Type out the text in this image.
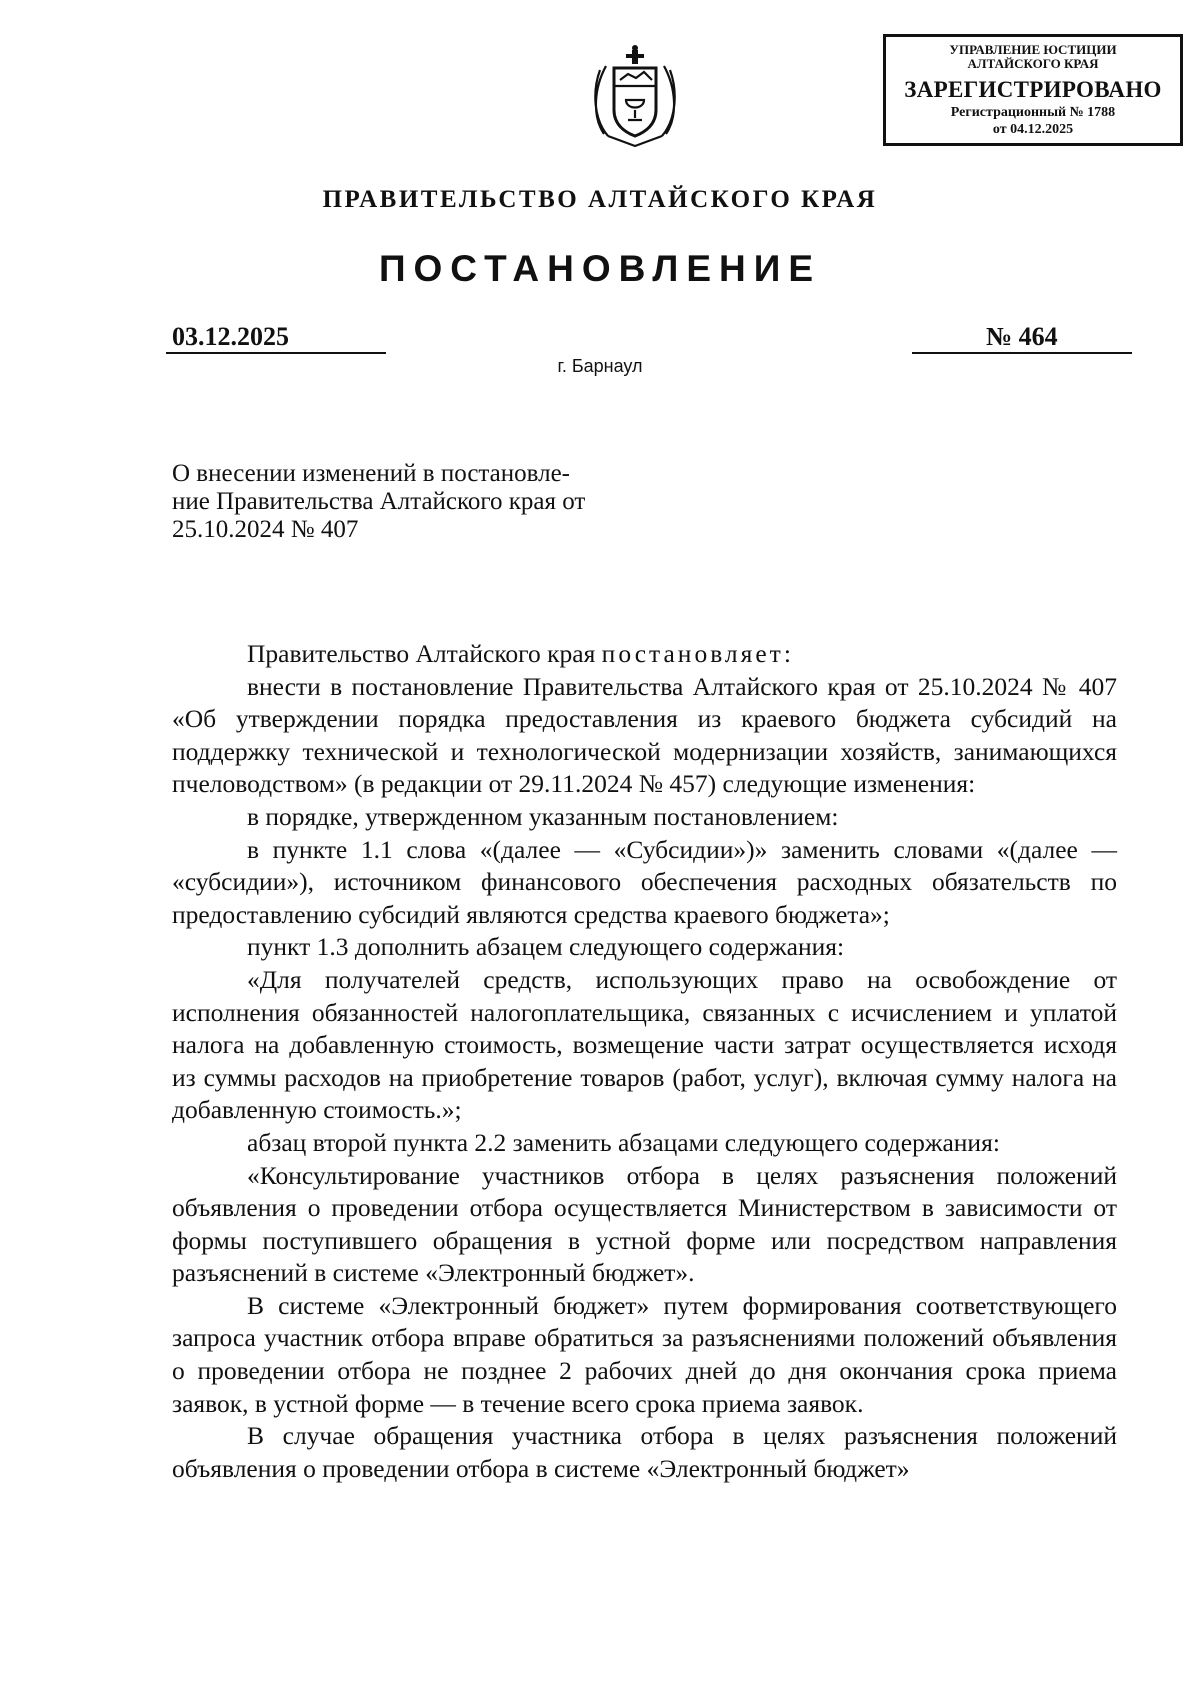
УПРАВЛЕНИЕ ЮСТИЦИИ
АЛТАЙСКОГО КРАЯ
ЗАРЕГИСТРИРОВАНО
Регистрационный № 1788
от 04.12.2025
ПРАВИТЕЛЬСТВО АЛТАЙСКОГО КРАЯ
ПОСТАНОВЛЕНИЕ
03.12.2025	№ 464
г. Барнаул
О внесении изменений в постановле-
ние Правительства Алтайского края от
25.10.2024 № 407

Правительство Алтайского края постановляет:

внести в постановление Правительства Алтайского края от 25.10.2024 № 407 «Об утверждении порядка предоставления из краевого бюджета субсидий на поддержку технической и технологической модернизации хозяйств, занимающихся пчеловодством» (в редакции от 29.11.2024 № 457) следующие изменения:

в порядке, утвержденном указанным постановлением:

в пункте 1.1 слова «(далее — «Субсидии»)» заменить словами «(далее — «субсидии»), источником финансового обеспечения расходных обязательств по предоставлению субсидий являются средства краевого бюджета»;

пункт 1.3 дополнить абзацем следующего содержания:

«Для получателей средств, использующих право на освобождение от исполнения обязанностей налогоплательщика, связанных с исчислением и уплатой налога на добавленную стоимость, возмещение части затрат осуществляется исходя из суммы расходов на приобретение товаров (работ, услуг), включая сумму налога на добавленную стоимость.»;

абзац второй пункта 2.2 заменить абзацами следующего содержания:

«Консультирование участников отбора в целях разъяснения положений объявления о проведении отбора осуществляется Министерством в зависимости от формы поступившего обращения в устной форме или посредством направления разъяснений в системе «Электронный бюджет».

В системе «Электронный бюджет» путем формирования соответствующего запроса участник отбора вправе обратиться за разъяснениями положений объявления о проведении отбора не позднее 2 рабочих дней до дня окончания срока приема заявок, в устной форме — в течение всего срока приема заявок.

В случае обращения участника отбора в целях разъяснения положений объявления о проведении отбора в системе «Электронный бюджет»
